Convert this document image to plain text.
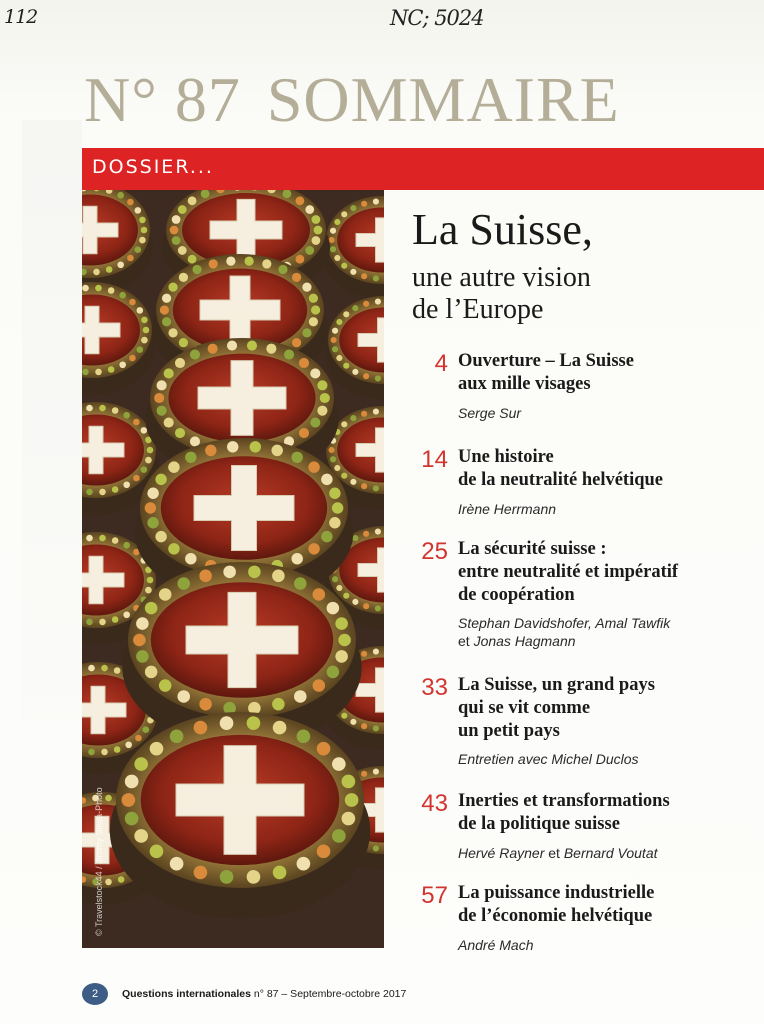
112	NC; 5024
N° 87 SOMMAIRE
DOSSIER...
© Travelstock44 / Jimmy Sliwa-Photo
La Suisse,
une autre vision
de l’Europe
4 Ouverture – La Suisse
aux mille visages
Serge Sur
14 Une histoire
de la neutralité helvétique
Irène Herrmann
25 La sécurité suisse :
entre neutralité et impératif
de coopération
Stephan Davidshofer, Amal Tawfik
et Jonas Hagmann
33 La Suisse, un grand pays
qui se vit comme
un petit pays
Entretien avec Michel Duclos
43 Inerties et transformations
de la politique suisse
Hervé Rayner et Bernard Voutat
57 La puissance industrielle
de l’économie helvétique
André Mach
2	Questions internationales n° 87 – Septembre-octobre 2017
